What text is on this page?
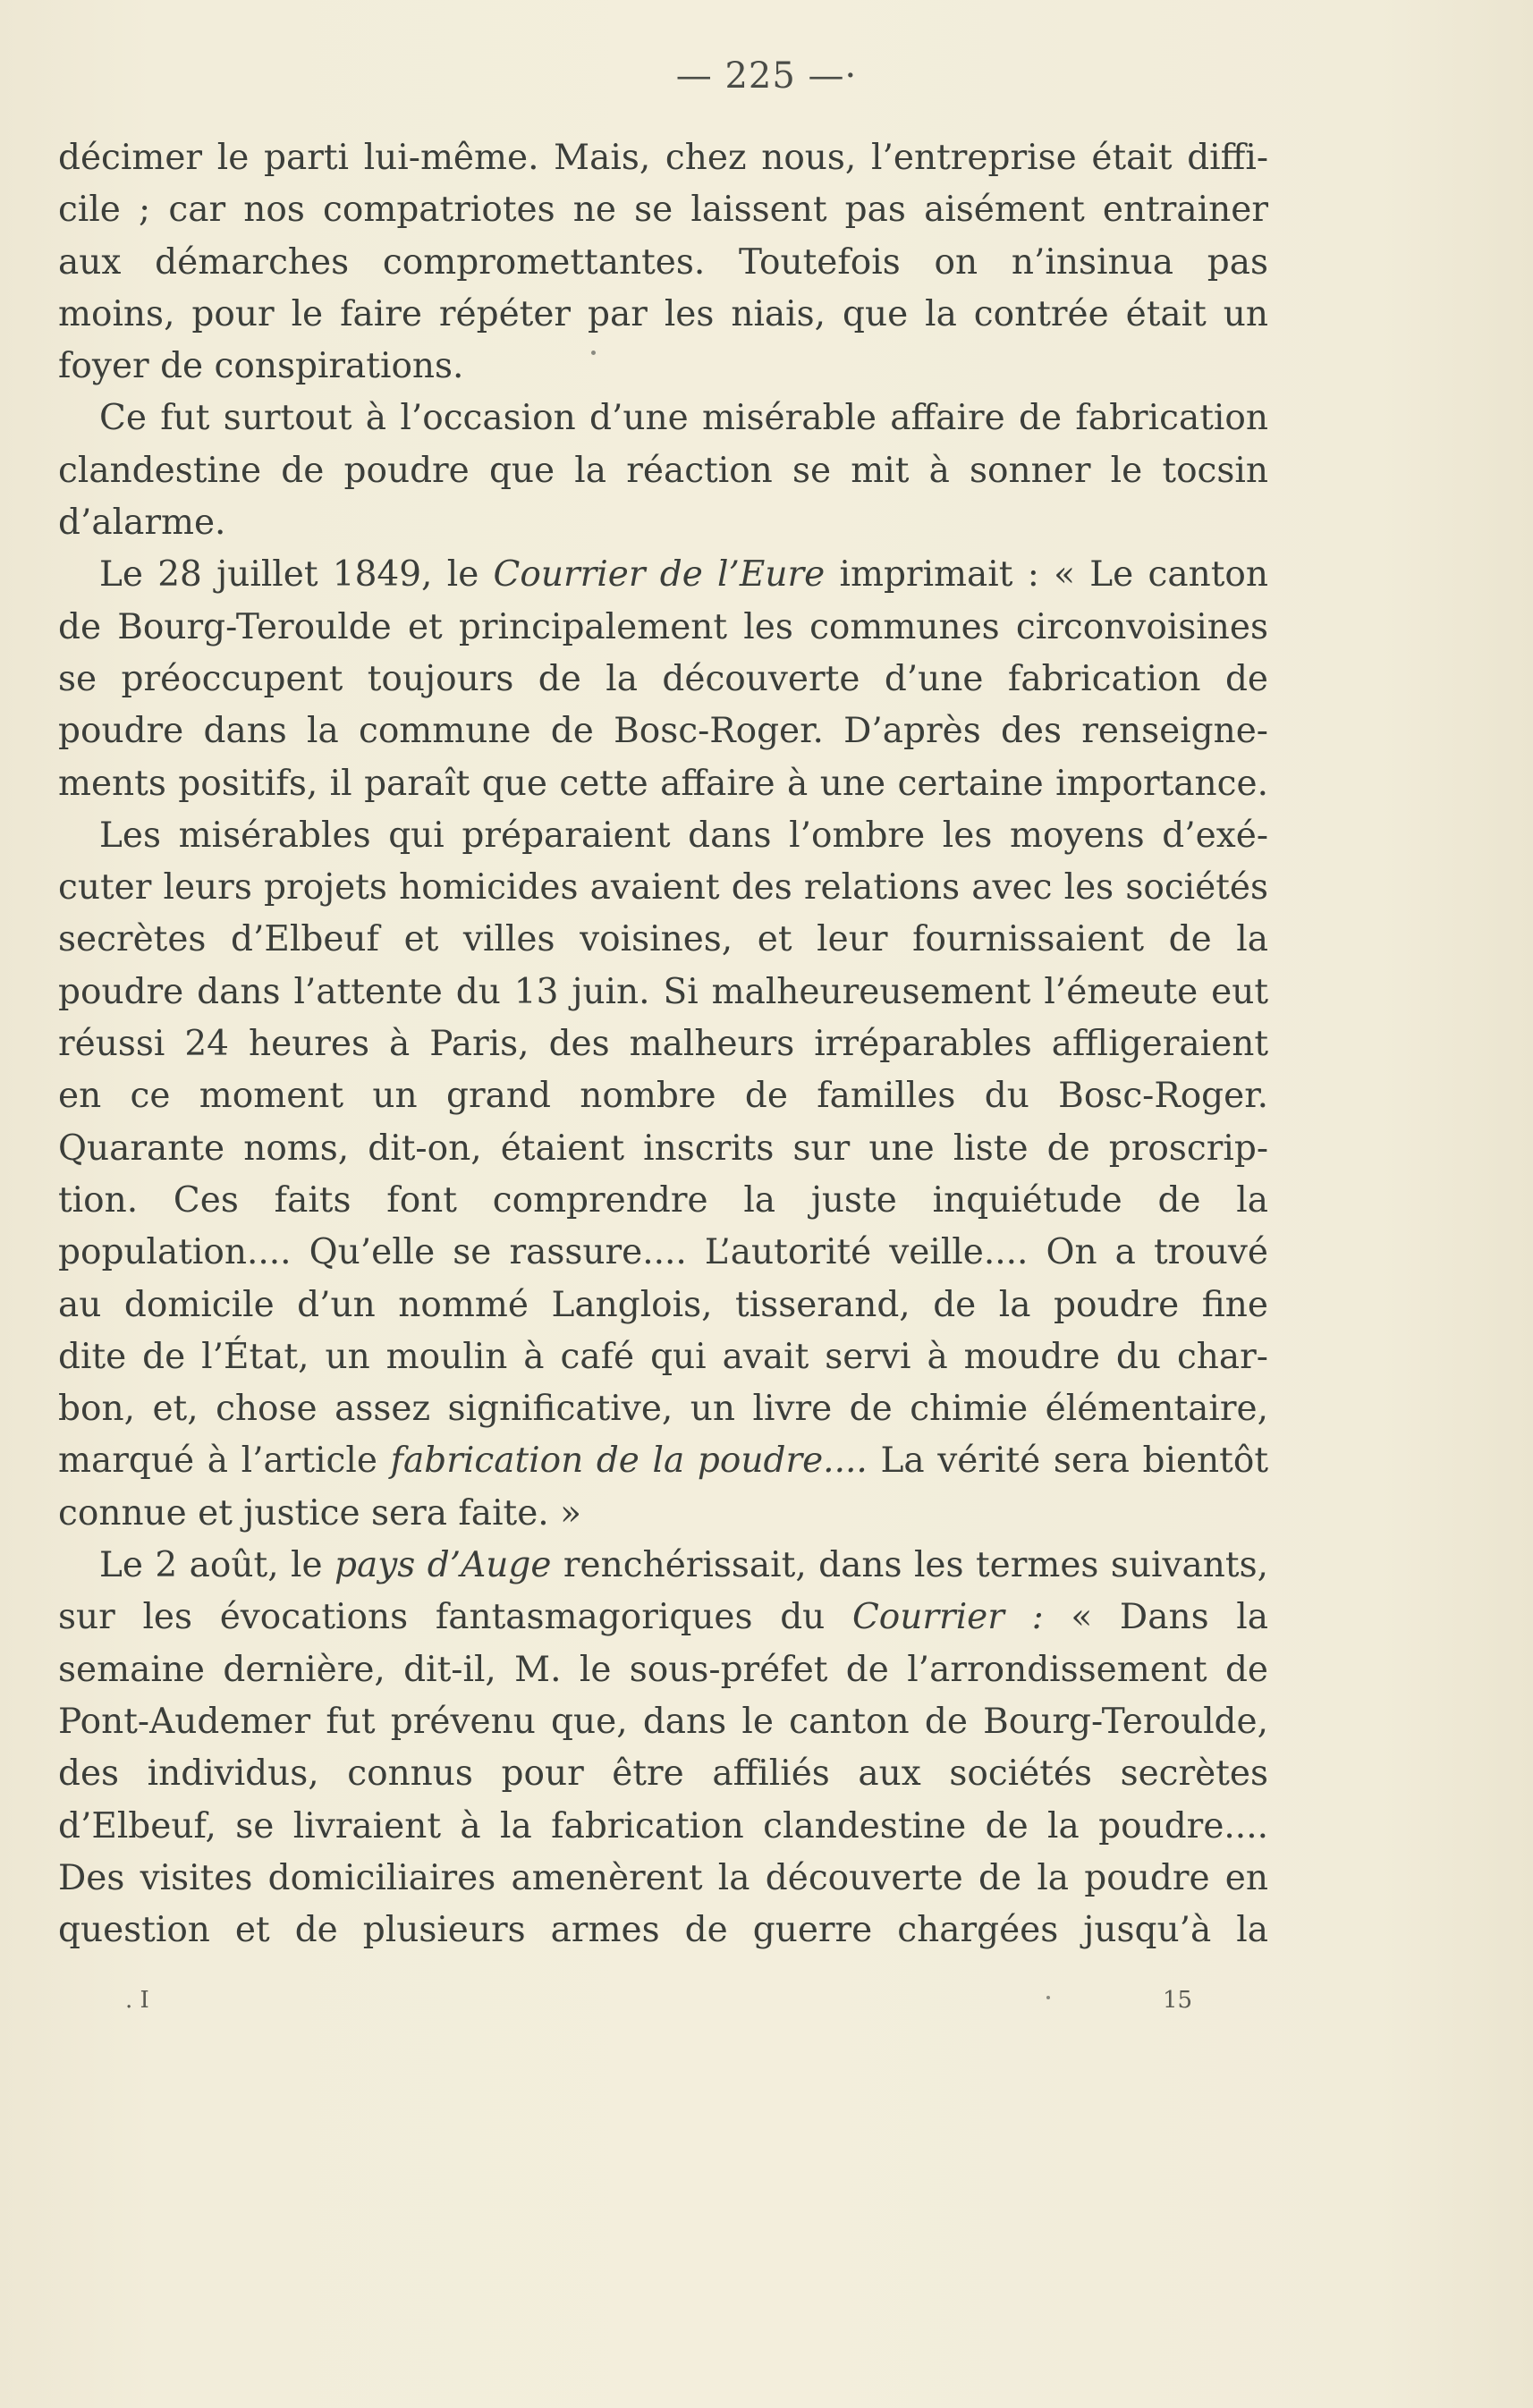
— 225 —·
décimer le parti lui-même. Mais, chez nous, l’entreprise était diffi-
cile ; car nos compatriotes ne se laissent pas aisément entrainer
aux démarches compromettantes. Toutefois on n’insinua pas
moins, pour le faire répéter par les niais, que la contrée était un
foyer de conspirations.
Ce fut surtout à l’occasion d’une misérable affaire de fabrication
clandestine de poudre que la réaction se mit à sonner le tocsin
d’alarme.
Le 28 juillet 1849, le Courrier de l’Eure imprimait : « Le canton
de Bourg-Teroulde et principalement les communes circonvoisines
se préoccupent toujours de la découverte d’une fabrication de
poudre dans la commune de Bosc-Roger. D’après des renseigne-
ments positifs, il paraît que cette affaire à une certaine importance.
Les misérables qui préparaient dans l’ombre les moyens d’exé-
cuter leurs projets homicides avaient des relations avec les sociétés
secrètes d’Elbeuf et villes voisines, et leur fournissaient de la
poudre dans l’attente du 13 juin. Si malheureusement l’émeute eut
réussi 24 heures à Paris, des malheurs irréparables affligeraient
en ce moment un grand nombre de familles du Bosc-Roger.
Quarante noms, dit-on, étaient inscrits sur une liste de proscrip-
tion. Ces faits font comprendre la juste inquiétude de la
population.... Qu’elle se rassure.... L’autorité veille.... On a trouvé
au domicile d’un nommé Langlois, tisserand, de la poudre fine
dite de l’État, un moulin à café qui avait servi à moudre du char-
bon, et, chose assez significative, un livre de chimie élémentaire,
marqué à l’article fabrication de la poudre.... La vérité sera bientôt
connue et justice sera faite. »
Le 2 août, le pays d’Auge renchérissait, dans les termes suivants,
sur les évocations fantasmagoriques du Courrier : « Dans la
semaine dernière, dit-il, M. le sous-préfet de l’arrondissement de
Pont-Audemer fut prévenu que, dans le canton de Bourg-Teroulde,
des individus, connus pour être affiliés aux sociétés secrètes
d’Elbeuf, se livraient à la fabrication clandestine de la poudre....
Des visites domiciliaires amenèrent la découverte de la poudre en
question et de plusieurs armes de guerre chargées jusqu’à la
. I	15
